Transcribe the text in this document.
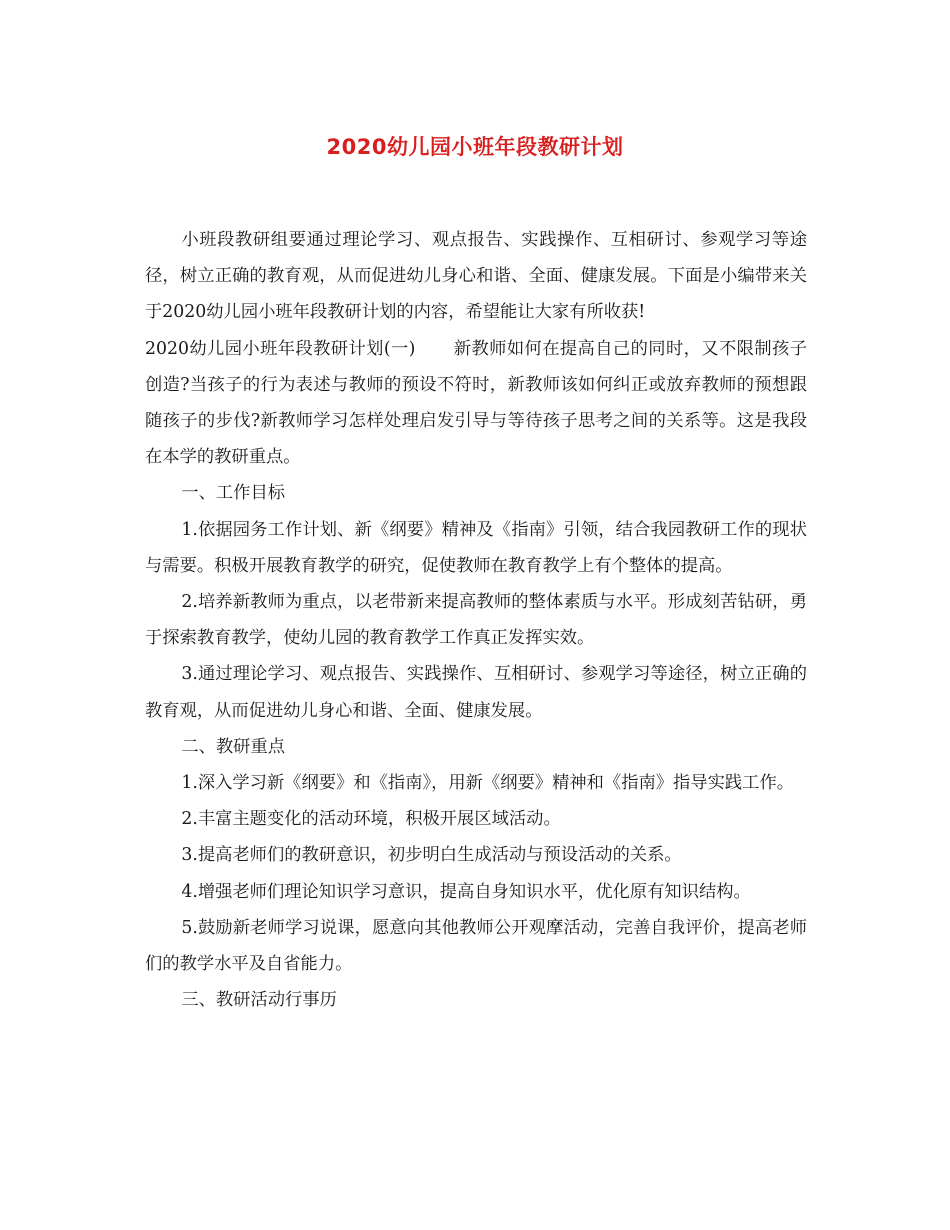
2020幼儿园小班年段教研计划

小班段教研组要通过理论学习、观点报告、实践操作、互相研讨、参观学习等途径，树立正确的教育观，从而促进幼儿身心和谐、全面、健康发展。下面是小编带来关于2020幼儿园小班年段教研计划的内容，希望能让大家有所收获!

2020幼儿园小班年段教研计划(一) 新教师如何在提高自己的同时，又不限制孩子创造?当孩子的行为表述与教师的预设不符时，新教师该如何纠正或放弃教师的预想跟随孩子的步伐?新教师学习怎样处理启发引导与等待孩子思考之间的关系等。这是我段在本学的教研重点。

一、工作目标

1.依据园务工作计划、新《纲要》精神及《指南》引领，结合我园教研工作的现状与需要。积极开展教育教学的研究，促使教师在教育教学上有个整体的提高。

2.培养新教师为重点，以老带新来提高教师的整体素质与水平。形成刻苦钻研，勇于探索教育教学，使幼儿园的教育教学工作真正发挥实效。

3.通过理论学习、观点报告、实践操作、互相研讨、参观学习等途径，树立正确的教育观，从而促进幼儿身心和谐、全面、健康发展。

二、教研重点

1.深入学习新《纲要》和《指南》，用新《纲要》精神和《指南》指导实践工作。

2.丰富主题变化的活动环境，积极开展区域活动。

3.提高老师们的教研意识，初步明白生成活动与预设活动的关系。

4.增强老师们理论知识学习意识，提高自身知识水平，优化原有知识结构。

5.鼓励新老师学习说课，愿意向其他教师公开观摩活动，完善自我评价，提高老师们的教学水平及自省能力。

三、教研活动行事历
